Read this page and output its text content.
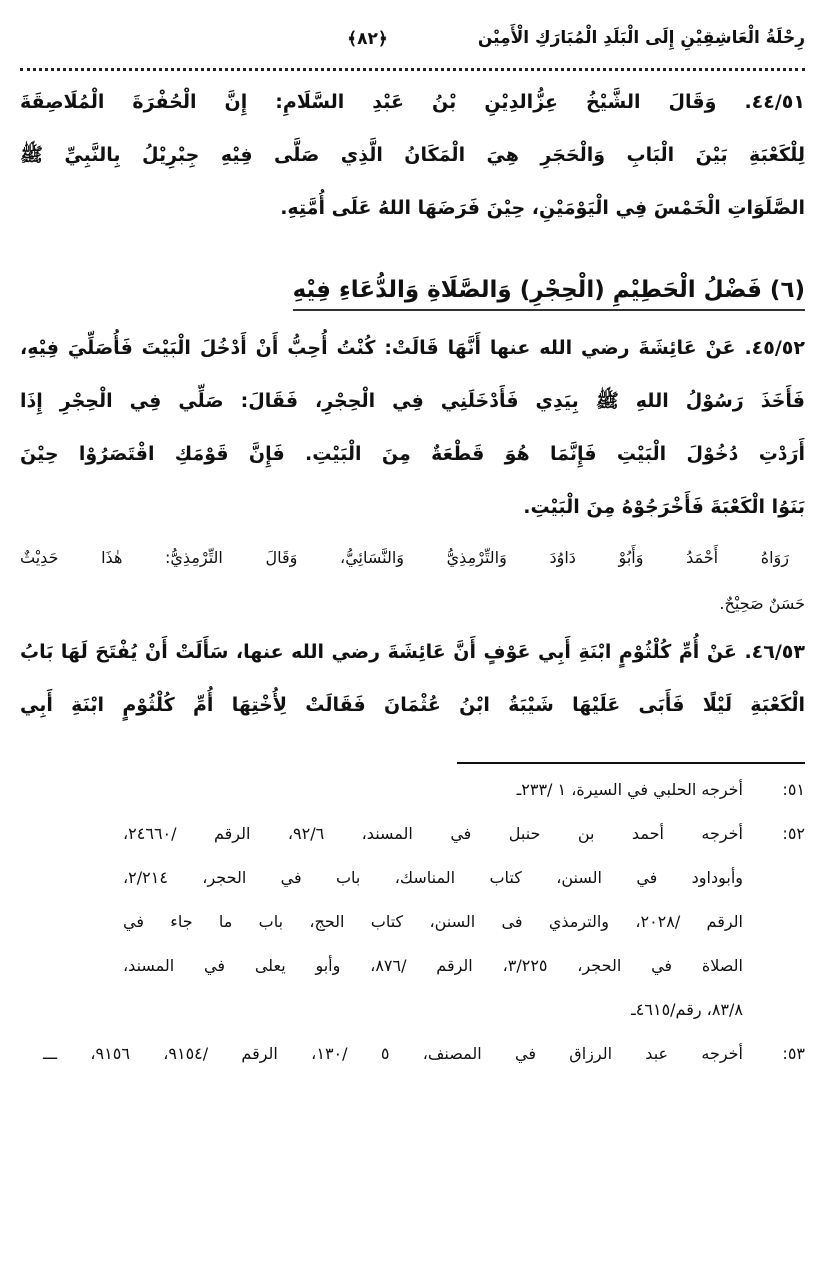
رِحْلَةُ الْعَاشِقِيْنِ إِلَى الْبَلَدِ الْمُبَارَكِ الْأَمِيْن
﴿٨٢﴾
٤٤/٥١. وَقَالَ الشَّيْخُ عِزُّالدِيْنِ بْنُ عَبْدِ السَّلَامِ: إِنَّ الْحُفْرَةَ الْمُلَاصِقَةَ
لِلْكَعْبَةِ بَيْنَ الْبَابِ وَالْحَجَرِ هِيَ الْمَكَانُ الَّذِي صَلَّى فِيْهِ جِبْرِيْلُ بِالنَّبِيِّ ﷺ
الصَّلَوَاتِ الْخَمْسَ فِي الْيَوْمَيْنِ، حِيْنَ فَرَضَهَا اللهُ عَلَى أُمَّتِهِ.
(٦) فَضْلُ الْحَطِيْمِ (الْحِجْرِ) وَالصَّلَاةِ وَالدُّعَاءِ فِيْهِ
٤٥/٥٢. عَنْ عَائِشَةَ رضي الله عنها أَنَّهَا قَالَتْ: كُنْتُ أُحِبُّ أَنْ أَدْخُلَ الْبَيْتَ فَأُصَلِّيَ فِيْهِ،
فَأَخَذَ رَسُوْلُ اللهِ ﷺ بِيَدِي فَأَدْخَلَنِي فِي الْحِجْرِ، فَقَالَ: صَلِّي فِي الْحِجْرِ إِذَا
أَرَدْتِ دُخُوْلَ الْبَيْتِ فَإِنَّمَا هُوَ قَطْعَةٌ مِنَ الْبَيْتِ. فَإِنَّ قَوْمَكِ اقْتَصَرُوْا حِيْنَ
بَنَوُا الْكَعْبَةَ فَأَخْرَجُوْهُ مِنَ الْبَيْتِ.
رَوَاهُ أَحْمَدُ وَأَبُوْ دَاوُدَ وَالتِّرْمِذِيُّ وَالنَّسَائِيُّ، وَقَالَ التِّرْمِذِيُّ: هٰذَا حَدِيْثٌ
حَسَنٌ صَحِيْحٌ.
٤٦/٥٣. عَنْ أُمِّ كُلْثُوْمٍ ابْنَةِ أَبِي عَوْفٍ أَنَّ عَائِشَةَ رضي الله عنها، سَأَلَتْ أَنْ يُفْتَحَ لَهَا بَابُ
الْكَعْبَةِ لَيْلًا فَأَبَى عَلَيْهَا شَيْبَةُ ابْنُ عُثْمَانَ فَقَالَتْ لِأُخْتِهَا أُمِّ كُلْثُوْمٍ ابْنَةِ أَبِي
٥١:
أخرجه الحلبي في السيرة، ١ /٢٣٣ـ
٥٢:
أخرجه أحمد بن حنبل في المسند، ٩٢/٦، الرقم /٢٤٦٦٠،
وأبوداود في السنن، كتاب المناسك، باب في الحجر، ٢/٢١٤،
الرقم /٢٠٢٨، والترمذي فى السنن، كتاب الحج، باب ما جاء في
الصلاة في الحجر، ٣/٢٢٥، الرقم /٨٧٦، وأبو يعلى في المسند،
٨٣/٨، رقم/٤٦١٥ـ
٥٣:
أخرجه عبد الرزاق في المصنف، ٥ /١٣٠، الرقم /٩١٥٤، ٩١٥٦، ـــ
